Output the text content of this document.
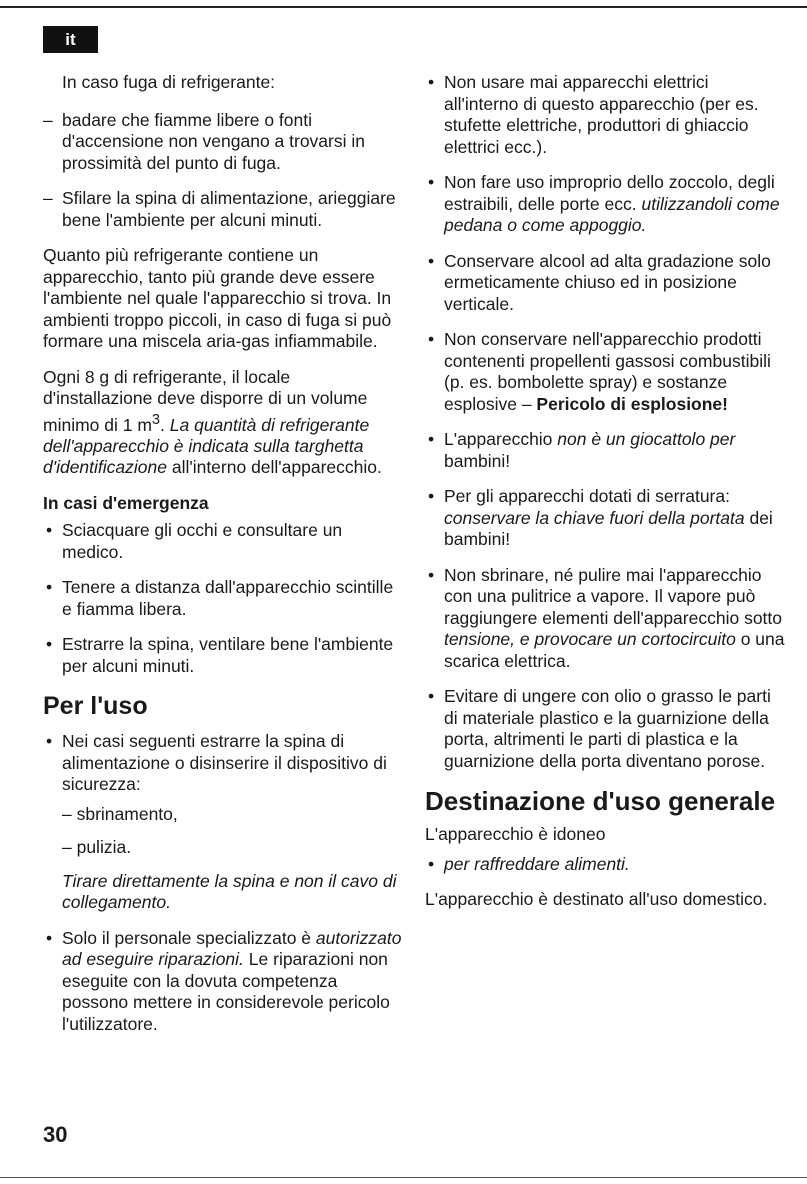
it

In caso fuga di refrigerante:

– badare che fiamme libere o fonti d'accensione non vengano a trovarsi in prossimità del punto di fuga.
– Sfilare la spina di alimentazione, arieggiare bene l'ambiente per alcuni minuti.

Quanto più refrigerante contiene un apparecchio, tanto più grande deve essere l'ambiente nel quale l'apparecchio si trova. In ambienti troppo piccoli, in caso di fuga si può formare una miscela aria-gas infiammabile.

Ogni 8 g di refrigerante, il locale d'installazione deve disporre di un volume minimo di 1 $m^3$. La quantità di refrigerante dell'apparecchio è indicata sulla targhetta d'identificazione all'interno dell'apparecchio.

In casi d'emergenza
• Sciacquare gli occhi e consultare un medico.
• Tenere a distanza dall'apparecchio scintille e fiamma libera.
• Estrarre la spina, ventilare bene l'ambiente per alcuni minuti.
Per l'uso
• Nei casi seguenti estrarre la spina di alimentazione o disinserire il dispositivo di sicurezza:
– sbrinamento,
– pulizia.
Tirare direttamente la spina e non il cavo di collegamento.
• Solo il personale specializzato è autorizzato ad eseguire riparazioni. Le riparazioni non eseguite con la dovuta competenza possono mettere in considerevole pericolo l'utilizzatore.
• Non usare mai apparecchi elettrici all'interno di questo apparecchio (per es. stufette elettriche, produttori di ghiaccio elettrici ecc.).
• Non fare uso improprio dello zoccolo, degli estraibili, delle porte ecc. utilizzandoli come pedana o come appoggio.
• Conservare alcool ad alta gradazione solo ermeticamente chiuso ed in posizione verticale.
• Non conservare nell'apparecchio prodotti contenenti propellenti gassosi combustibili (p. es. bombolette spray) e sostanze esplosive – Pericolo di esplosione!
• L'apparecchio non è un giocattolo per bambini!
• Per gli apparecchi dotati di serratura: conservare la chiave fuori della portata dei bambini!
• Non sbrinare, né pulire mai l'apparecchio con una pulitrice a vapore. Il vapore può raggiungere elementi dell'apparecchio sotto tensione, e provocare un cortocircuito o una scarica elettrica.
• Evitare di ungere con olio o grasso le parti di materiale plastico e la guarnizione della porta, altrimenti le parti di plastica e la guarnizione della porta diventano porose.
Destinazione d'uso generale

L'apparecchio è idoneo

• per raffreddare alimenti.

L'apparecchio è destinato all'uso domestico.

30
